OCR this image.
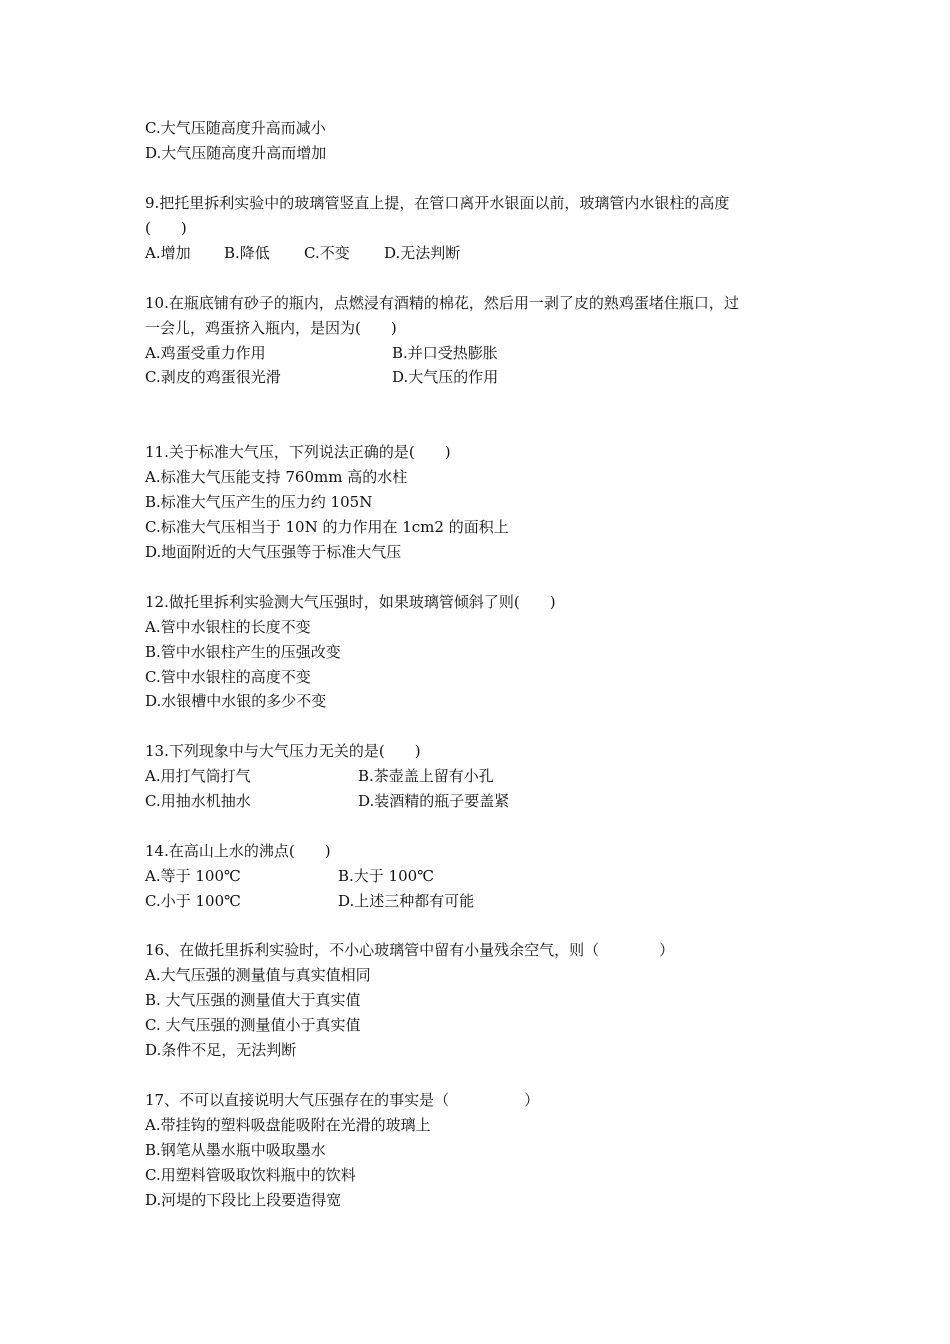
C.大气压随高度升高而减小
D.大气压随高度升高而增加
9.把托里拆利实验中的玻璃管竖直上提，在管口离开水银面以前，玻璃管内水银柱的高度
(　　)
A.增加 B.降低 C.不变 D.无法判断
10.在瓶底铺有砂子的瓶内，点燃浸有酒精的棉花，然后用一剥了皮的熟鸡蛋堵住瓶口，过
一会儿，鸡蛋挤入瓶内，是因为(　　)
A.鸡蛋受重力作用	B.并口受热膨胀
C.剥皮的鸡蛋很光滑	D.大气压的作用
11.关于标准大气压，下列说法正确的是(　　)
A.标准大气压能支持 760mm 高的水柱
B.标准大气压产生的压力约 105N
C.标准大气压相当于 10N 的力作用在 1cm2 的面积上
D.地面附近的大气压强等于标准大气压
12.做托里拆利实验测大气压强时，如果玻璃管倾斜了则(　　)
A.管中水银柱的长度不变
B.管中水银柱产生的压强改变
C.管中水银柱的高度不变
D.水银槽中水银的多少不变
13.下列现象中与大气压力无关的是(　　)
A.用打气筒打气	B.茶壶盖上留有小孔
C.用抽水机抽水	D.装酒精的瓶子要盖紧
14.在高山上水的沸点(　　)
A.等于 100℃	B.大于 100℃
C.小于 100℃	D.上述三种都有可能
16、在做托里拆利实验时，不小心玻璃管中留有小量残余空气，则（　　　　）
A.大气压强的测量值与真实值相同
B. 大气压强的测量值大于真实值
C. 大气压强的测量值小于真实值
D.条件不足，无法判断
17、不可以直接说明大气压强存在的事实是（　　　　　）
A.带挂钩的塑料吸盘能吸附在光滑的玻璃上
B.钢笔从墨水瓶中吸取墨水
C.用塑料管吸取饮料瓶中的饮料
D.河堤的下段比上段要造得宽
